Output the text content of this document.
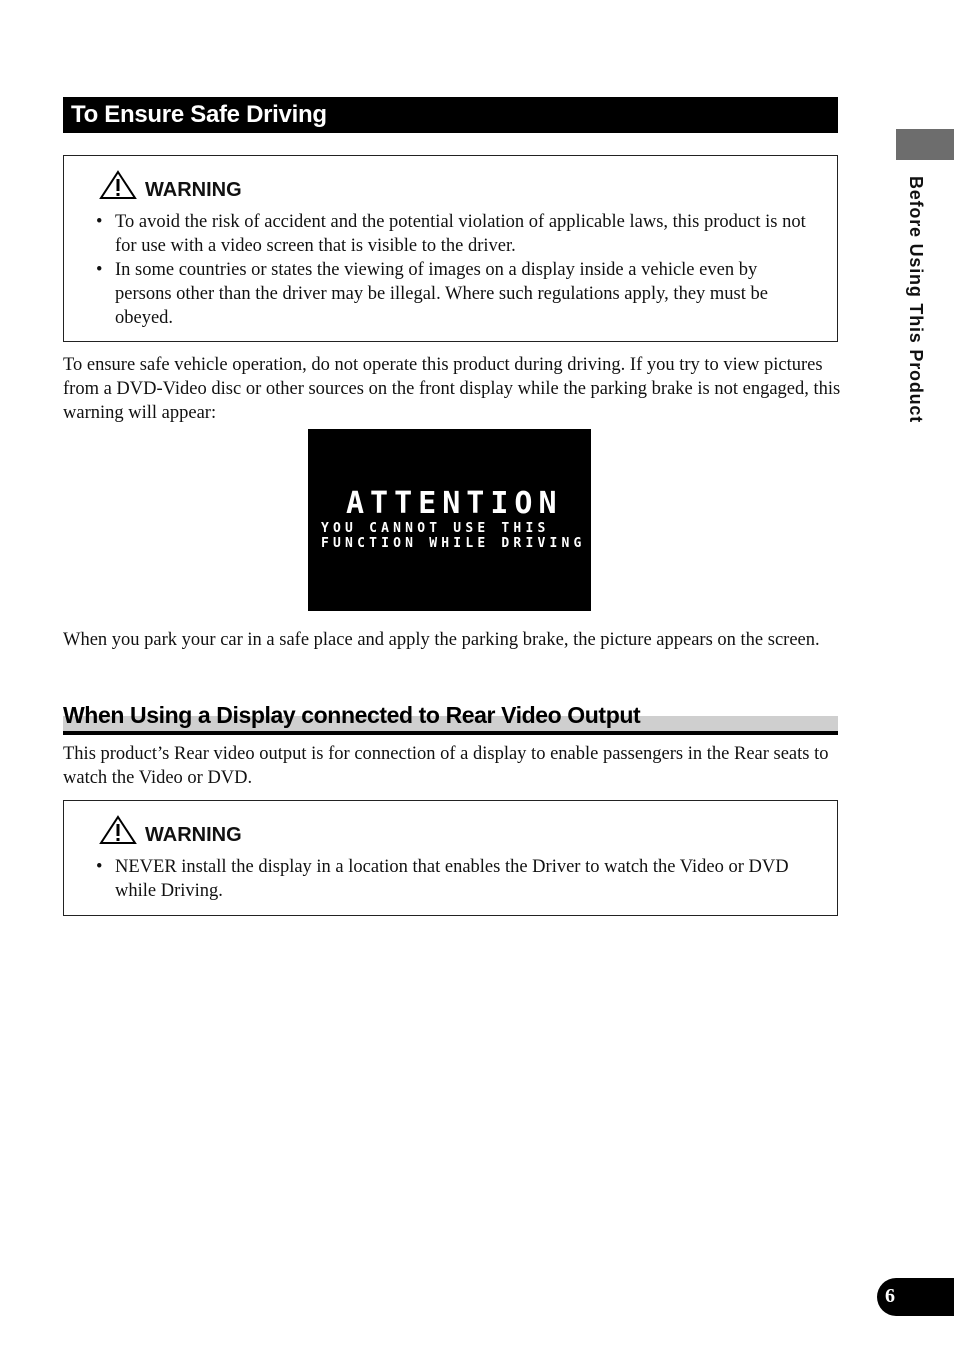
To Ensure Safe Driving
WARNING
• To avoid the risk of accident and the potential violation of applicable laws, this product is not for use with a video screen that is visible to the driver.
• In some countries or states the viewing of images on a display inside a vehicle even by persons other than the driver may be illegal. Where such regulations apply, they must be obeyed.

To ensure safe vehicle operation, do not operate this product during driving. If you try to view pictures from a DVD-Video disc or other sources on the front display while the parking brake is not engaged, this warning will appear:

ATTENTION
YOU CANNOT USE THIS
FUNCTION WHILE DRIVING

When you park your car in a safe place and apply the parking brake, the picture appears on the screen.

When Using a Display connected to Rear Video Output

This product’s Rear video output is for connection of a display to enable passengers in the Rear seats to watch the Video or DVD.

WARNING
• NEVER install the display in a location that enables the Driver to watch the Video or DVD while Driving.
Before Using This Product
6
